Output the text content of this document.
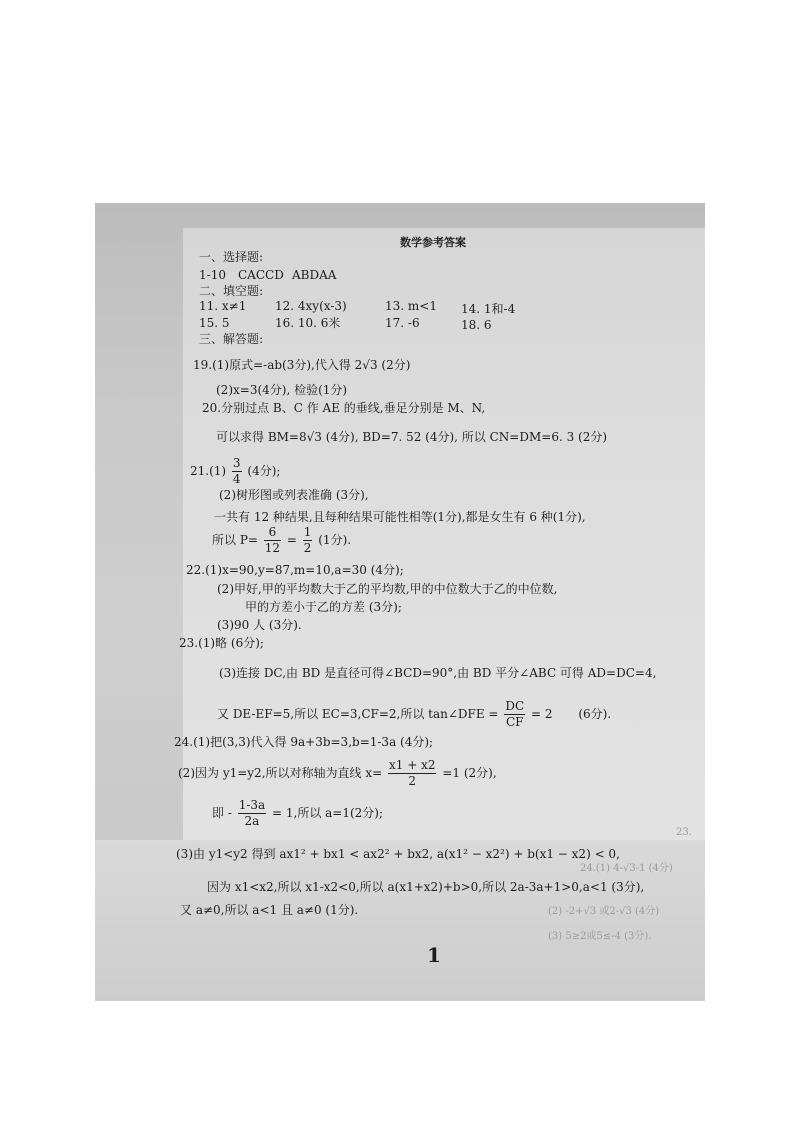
数学参考答案
一、选择题:
1-10 CACCD ABDAA
二、填空题:
11. x≠1 12. 4xy(x-3)	13. m<1 14. 1和-4
15. 5	16. 10. 6米	17. -6	18. 6
三、解答题:
19.(1)原式=-ab(3分),代入得 2√3 (2分)
(2)x=3(4分), 检验(1分)
20.分别过点 B、C 作 AE 的垂线,垂足分别是 M、N,
可以求得 BM=8√3 (4分), BD=7. 52 (4分), 所以 CN=DM=6. 3 (2分)
$21.(1) \frac{3}{4} (4$分);
(2)树形图或列表准确 (3分),
一共有 12 种结果,且每种结果可能性相等(1分),都是女生有 6 种(1分),
所以 $P= \frac{6}{12} = \frac{1}{2} (1$分).
22.(1)x=90,y=87,m=10,a=30 (4分);
(2)甲好,甲的平均数大于乙的平均数,甲的中位数大于乙的中位数,
甲的方差小于乙的方差 (3分);
(3)90 人 (3分).
23.(1)略 (6分);
(3)连接 DC,由 BD 是直径可得∠BCD=90°,由 BD 平分∠ABC 可得 AD=DC=4,
又 DE-EF=5,所以 EC=3,CF=2,所以 tan∠DFE = $\frac{DC}{CF} = 2$ (6分).
24.(1)把(3,3)代入得 9a+3b=3,b=1-3a (4分);
(2)因为 y1=y2,所以对称轴为直线 $x= \frac{x1 + x2}{2} =1$ (2分),
即 - $\frac{1-3a}{2a} = 1$,所以 a=1(2分);
(3)由 y1<y2 得到 ax1² + bx1 < ax2² + bx2, a(x1² − x2²) + b(x1 − x2) < 0,
因为 x1<x2,所以 x1-x2<0,所以 a(x1+x2)+b>0,所以 2a-3a+1>0,a<1 (3分),
又 a≠0,所以 a<1 且 a≠0 (1分).
23.
24.(1) 4-√3-1 (4分)
(2) -2+√3 或2-√3 (4分)
(3) 5≥2或5≤-4 (3分).
1
